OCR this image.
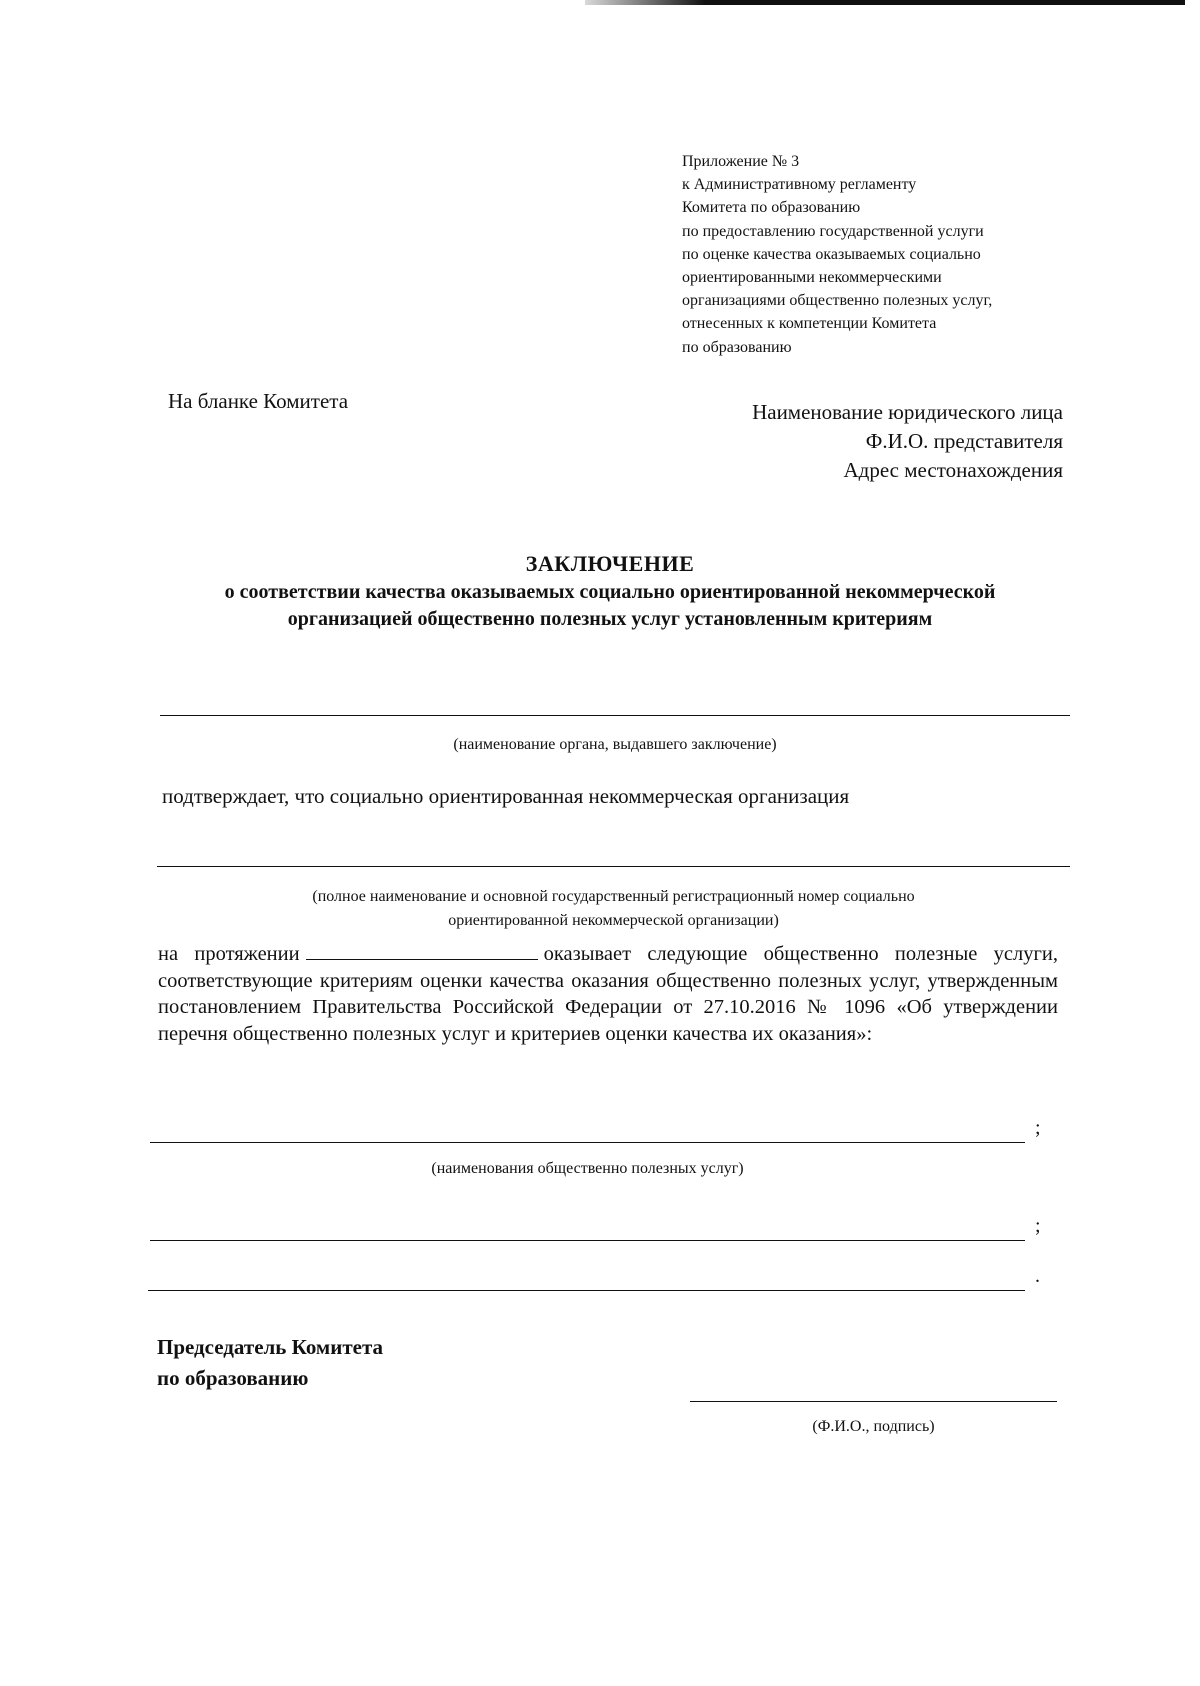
Приложение № 3
к Административному регламенту
Комитета по образованию
по предоставлению государственной услуги
по оценке качества оказываемых социально
ориентированными некоммерческими
организациями общественно полезных услуг,
отнесенных к компетенции Комитета
по образованию
На бланке Комитета	Наименование юридического лица
Ф.И.О. представителя
Адрес местонахождения
ЗАКЛЮЧЕНИЕ
о соответствии качества оказываемых социально ориентированной некоммерческой организацией общественно полезных услуг установленным критериям
(наименование органа, выдавшего заключение)
подтверждает, что социально ориентированная некоммерческая организация
(полное наименование и основной государственный регистрационный номер социально
ориентированной некоммерческой организации)
на протяжении	оказывает следующие общественно полезные услуги, соответствующие критериям оценки качества оказания общественно полезных услуг, утвержденным постановлением Правительства Российской Федерации от 27.10.2016 № 1096 «Об утверждении перечня общественно полезных услуг и критериев оценки качества их оказания»:
;
(наименования общественно полезных услуг)
;
.
Председатель Комитета
по образованию
(Ф.И.О., подпись)
